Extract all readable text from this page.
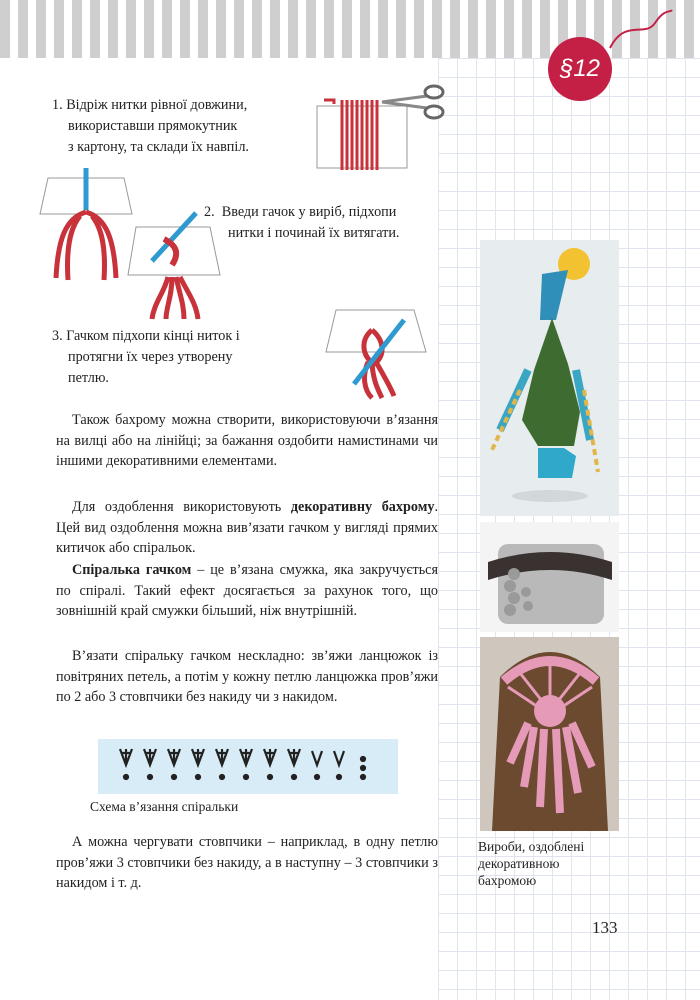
§12
1. Відріж нитки рівної довжини,
використавши прямокутник
з картону, та склади їх навпіл.
2. Введи гачок у виріб, підхопи
нитки і починай їх витягати.
3. Гачком підхопи кінці ниток і
протягни їх через утворену
петлю.
Також бахрому можна створити, використовуючи в’язання на вилці або на лінійці; за бажання оздобити намистинами чи іншими декоративними елементами.
Для оздоблення використовують декоративну бахрому. Цей вид оздоблення можна вив’язати гачком у вигляді прямих китичок або спіральок.
Спіралька гачком – це в’язана смужка, яка закручується по спіралі. Такий ефект досягається за рахунок того, що зовнішній край смужки більший, ніж внутрішній.
В’язати спіральку гачком нескладно: зв’яжи ланцюжок із повітряних петель, а потім у кожну петлю ланцюжка пров’яжи по 2 або 3 стовпчики без накиду чи з накидом.
Схема в’язання спіральки
А можна чергувати стовпчики – наприклад, в одну петлю пров’яжи 3 стовпчики без накиду, а в наступну – 3 стовпчики з накидом і т. д.
Вироби, оздоблені декоративною бахромою
133
